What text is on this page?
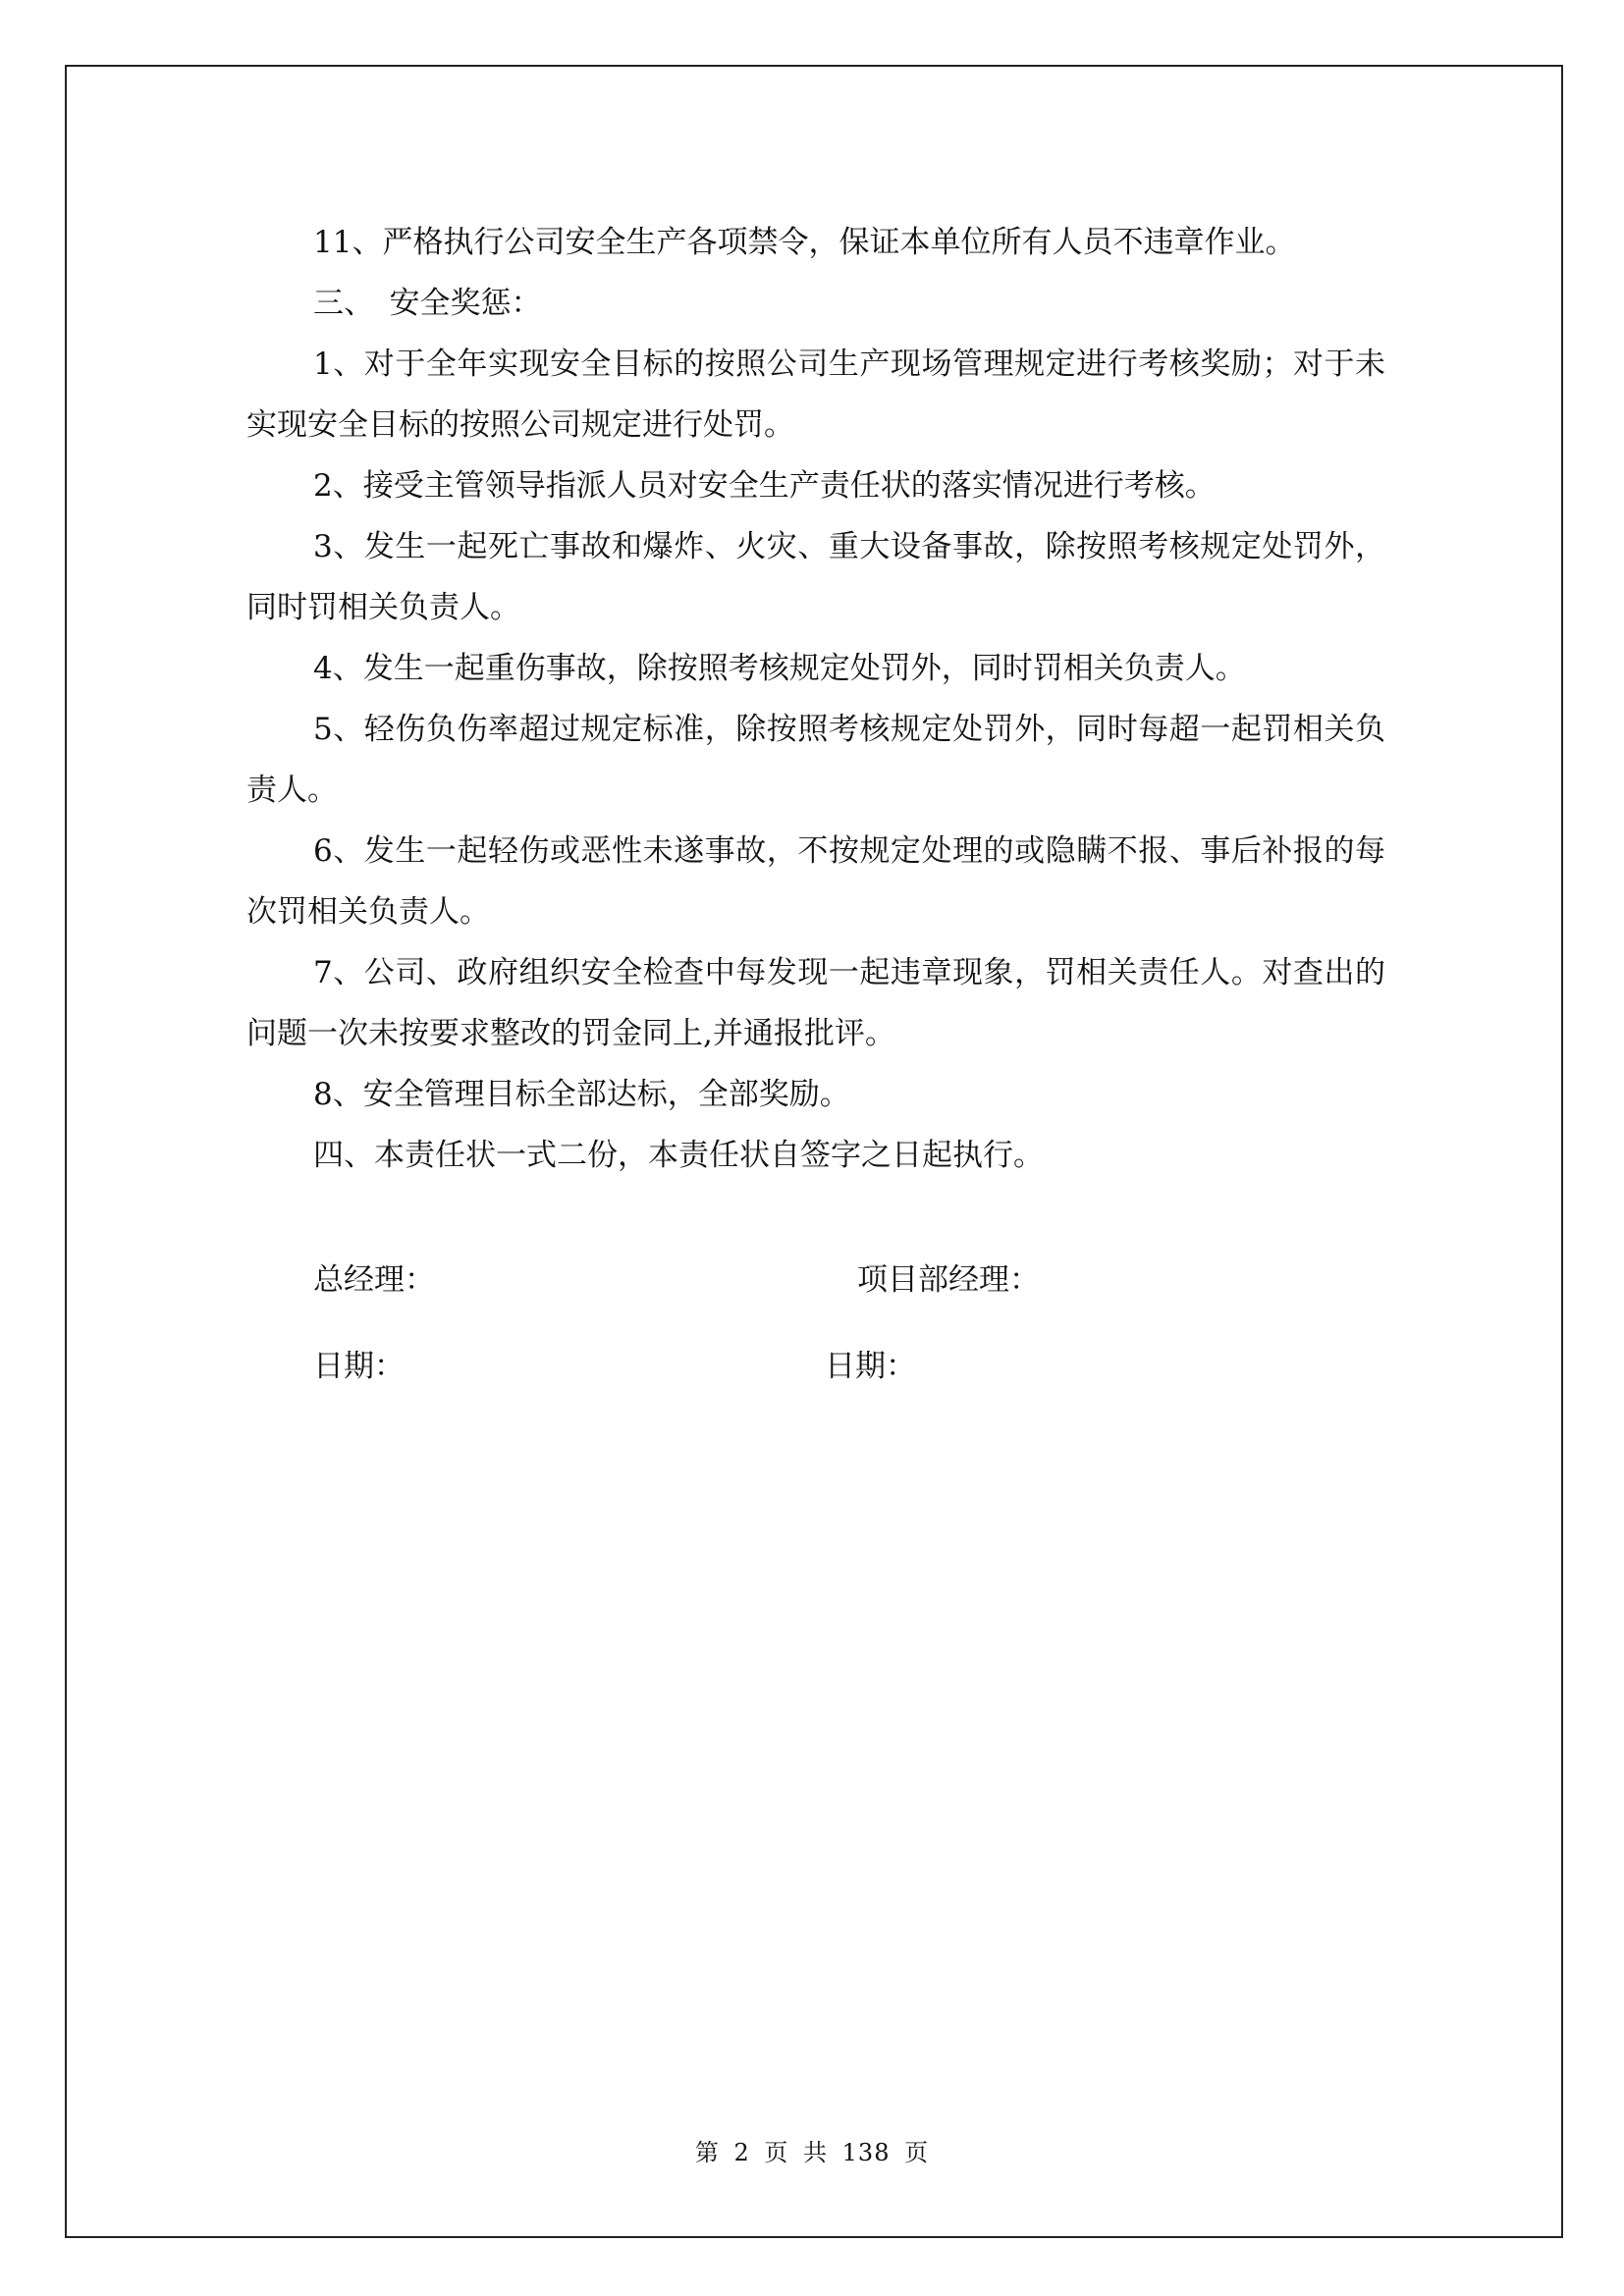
11、严格执行公司安全生产各项禁令，保证本单位所有人员不违章作业。

三、　安全奖惩：

1、对于全年实现安全目标的按照公司生产现场管理规定进行考核奖励；对于未实现安全目标的按照公司规定进行处罚。

2、接受主管领导指派人员对安全生产责任状的落实情况进行考核。

3、发生一起死亡事故和爆炸、火灾、重大设备事故，除按照考核规定处罚外，同时罚相关负责人。

4、发生一起重伤事故，除按照考核规定处罚外，同时罚相关负责人。

5、轻伤负伤率超过规定标准，除按照考核规定处罚外，同时每超一起罚相关负责人。

6、发生一起轻伤或恶性未遂事故，不按规定处理的或隐瞒不报、事后补报的每次罚相关负责人。

7、公司、政府组织安全检查中每发现一起违章现象，罚相关责任人。对查出的问题一次未按要求整改的罚金同上,并通报批评。

8、安全管理目标全部达标，全部奖励。

四、本责任状一式二份，本责任状自签字之日起执行。

总经理：	项目部经理：
日期：	日期：
第 2 页 共 138 页
